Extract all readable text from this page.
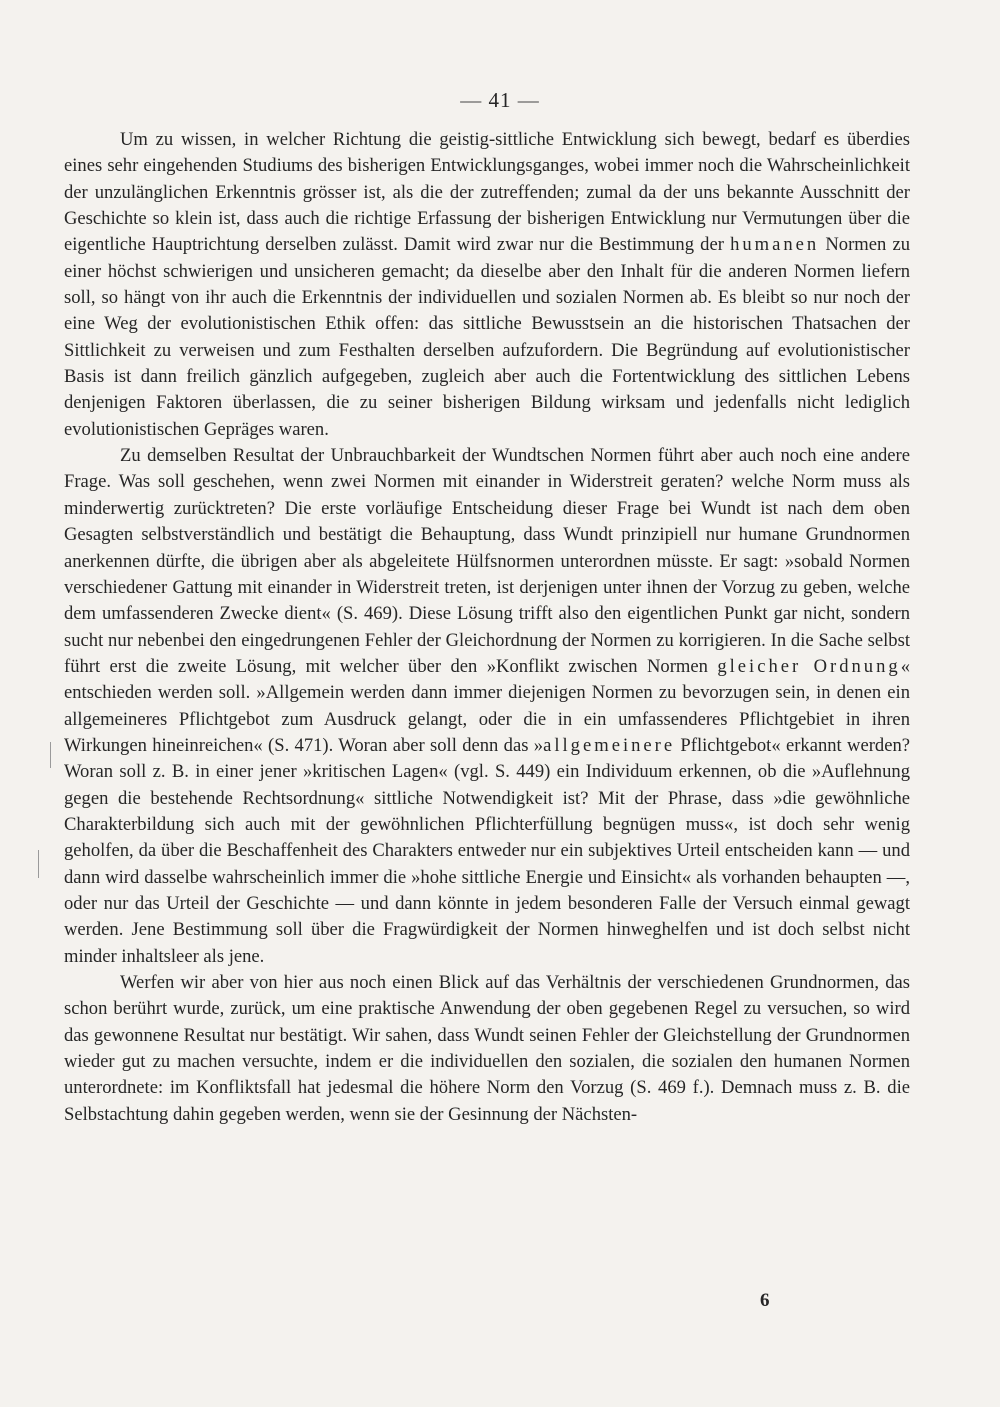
— 41 —

Um zu wissen, in welcher Richtung die geistig-sittliche Entwicklung sich bewegt, bedarf es überdies eines sehr eingehenden Studiums des bisherigen Entwicklungsganges, wobei immer noch die Wahrscheinlichkeit der unzulänglichen Erkenntnis grösser ist, als die der zutreffenden; zumal da der uns bekannte Ausschnitt der Geschichte so klein ist, dass auch die richtige Erfassung der bisherigen Entwicklung nur Vermutungen über die eigentliche Hauptrichtung derselben zulässt. Damit wird zwar nur die Bestimmung der humanen Normen zu einer höchst schwierigen und unsicheren gemacht; da dieselbe aber den Inhalt für die anderen Normen liefern soll, so hängt von ihr auch die Erkenntnis der individuellen und sozialen Normen ab. Es bleibt so nur noch der eine Weg der evolutionistischen Ethik offen: das sittliche Bewusstsein an die historischen Thatsachen der Sittlichkeit zu verweisen und zum Festhalten derselben aufzufordern. Die Begründung auf evolutionistischer Basis ist dann freilich gänzlich aufgegeben, zugleich aber auch die Fortentwicklung des sittlichen Lebens denjenigen Faktoren überlassen, die zu seiner bisherigen Bildung wirksam und jedenfalls nicht lediglich evolutionistischen Gepräges waren.

Zu demselben Resultat der Unbrauchbarkeit der Wundtschen Normen führt aber auch noch eine andere Frage. Was soll geschehen, wenn zwei Normen mit einander in Widerstreit geraten? welche Norm muss als minderwertig zurücktreten? Die erste vorläufige Entscheidung dieser Frage bei Wundt ist nach dem oben Gesagten selbstverständlich und bestätigt die Behauptung, dass Wundt prinzipiell nur humane Grundnormen anerkennen dürfte, die übrigen aber als abgeleitete Hülfsnormen unterordnen müsste. Er sagt: »sobald Normen verschiedener Gattung mit einander in Widerstreit treten, ist derjenigen unter ihnen der Vorzug zu geben, welche dem umfassenderen Zwecke dient« (S. 469). Diese Lösung trifft also den eigentlichen Punkt gar nicht, sondern sucht nur nebenbei den eingedrungenen Fehler der Gleichordnung der Normen zu korrigieren. In die Sache selbst führt erst die zweite Lösung, mit welcher über den »Konflikt zwischen Normen gleicher Ordnung« entschieden werden soll. »Allgemein werden dann immer diejenigen Normen zu bevorzugen sein, in denen ein allgemeineres Pflichtgebot zum Ausdruck gelangt, oder die in ein umfassenderes Pflichtgebiet in ihren Wirkungen hineinreichen« (S. 471). Woran aber soll denn das »allgemeinere Pflichtgebot« erkannt werden? Woran soll z. B. in einer jener »kritischen Lagen« (vgl. S. 449) ein Individuum erkennen, ob die »Auflehnung gegen die bestehende Rechtsordnung« sittliche Notwendigkeit ist? Mit der Phrase, dass »die gewöhnliche Charakterbildung sich auch mit der gewöhnlichen Pflichterfüllung begnügen muss«, ist doch sehr wenig geholfen, da über die Beschaffenheit des Charakters entweder nur ein subjektives Urteil entscheiden kann — und dann wird dasselbe wahrscheinlich immer die »hohe sittliche Energie und Einsicht« als vorhanden behaupten —, oder nur das Urteil der Geschichte — und dann könnte in jedem besonderen Falle der Versuch einmal gewagt werden. Jene Bestimmung soll über die Fragwürdigkeit der Normen hinweghelfen und ist doch selbst nicht minder inhaltsleer als jene.

Werfen wir aber von hier aus noch einen Blick auf das Verhältnis der verschiedenen Grundnormen, das schon berührt wurde, zurück, um eine praktische Anwendung der oben gegebenen Regel zu versuchen, so wird das gewonnene Resultat nur bestätigt. Wir sahen, dass Wundt seinen Fehler der Gleichstellung der Grundnormen wieder gut zu machen versuchte, indem er die individuellen den sozialen, die sozialen den humanen Normen unterordnete: im Konfliktsfall hat jedesmal die höhere Norm den Vorzug (S. 469 f.). Demnach muss z. B. die Selbstachtung dahin gegeben werden, wenn sie der Gesinnung der Nächsten-

6
